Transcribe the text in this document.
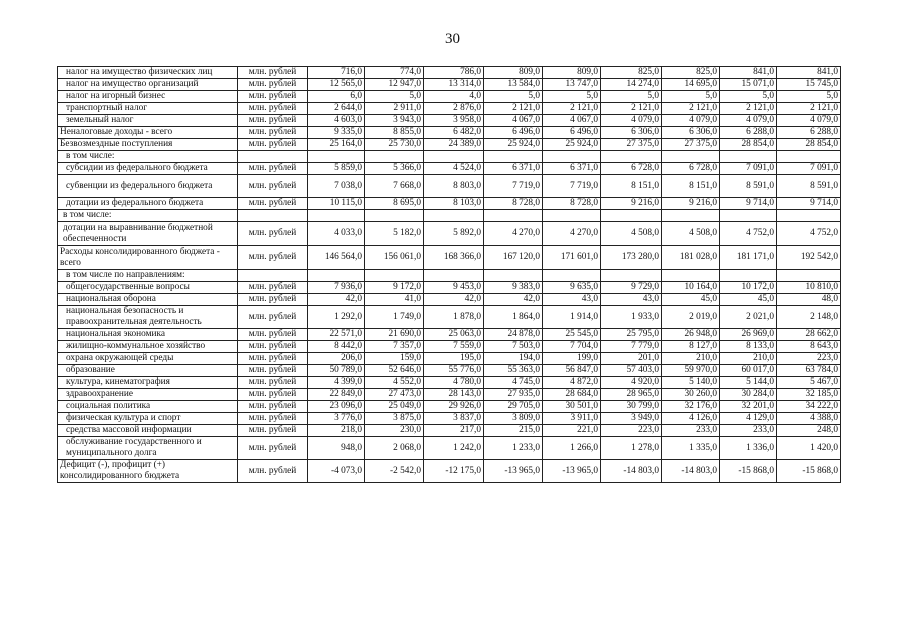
30
налог на имущество физических лиц	млн. рублей	716,0	774,0	786,0	809,0	809,0	825,0	825,0	841,0	841,0
налог на имущество организаций	млн. рублей	12 565,0	12 947,0	13 314,0	13 584,0	13 747,0	14 274,0	14 695,0	15 071,0	15 745,0
налог на игорный бизнес	млн. рублей	6,0	5,0	4,0	5,0	5,0	5,0	5,0	5,0	5,0
транспортный налог	млн. рублей	2 644,0	2 911,0	2 876,0	2 121,0	2 121,0	2 121,0	2 121,0	2 121,0	2 121,0
земельный налог	млн. рублей	4 603,0	3 943,0	3 958,0	4 067,0	4 067,0	4 079,0	4 079,0	4 079,0	4 079,0
Неналоговые доходы - всего	млн. рублей	9 335,0	8 855,0	6 482,0	6 496,0	6 496,0	6 306,0	6 306,0	6 288,0	6 288,0
Безвозмездные поступления	млн. рублей	25 164,0	25 730,0	24 389,0	25 924,0	25 924,0	27 375,0	27 375,0	28 854,0	28 854,0
в том числе:										
субсидии из федерального бюджета	млн. рублей	5 859,0	5 366,0	4 524,0	6 371,0	6 371,0	6 728,0	6 728,0	7 091,0	7 091,0
субвенции из федерального бюджета	млн. рублей	7 038,0	7 668,0	8 803,0	7 719,0	7 719,0	8 151,0	8 151,0	8 591,0	8 591,0
дотации из федерального бюджета	млн. рублей	10 115,0	8 695,0	8 103,0	8 728,0	8 728,0	9 216,0	9 216,0	9 714,0	9 714,0
в том числе:										
дотации на выравнивание бюджетной обеспеченности	млн. рублей	4 033,0	5 182,0	5 892,0	4 270,0	4 270,0	4 508,0	4 508,0	4 752,0	4 752,0
Расходы консолидированного бюджета - всего	млн. рублей	146 564,0	156 061,0	168 366,0	167 120,0	171 601,0	173 280,0	181 028,0	181 171,0	192 542,0
в том числе по направлениям:										
общегосударственные вопросы	млн. рублей	7 936,0	9 172,0	9 453,0	9 383,0	9 635,0	9 729,0	10 164,0	10 172,0	10 810,0
национальная оборона	млн. рублей	42,0	41,0	42,0	42,0	43,0	43,0	45,0	45,0	48,0
национальная безопасность и правоохранительная деятельность	млн. рублей	1 292,0	1 749,0	1 878,0	1 864,0	1 914,0	1 933,0	2 019,0	2 021,0	2 148,0
национальная экономика	млн. рублей	22 571,0	21 690,0	25 063,0	24 878,0	25 545,0	25 795,0	26 948,0	26 969,0	28 662,0
жилищно-коммунальное хозяйство	млн. рублей	8 442,0	7 357,0	7 559,0	7 503,0	7 704,0	7 779,0	8 127,0	8 133,0	8 643,0
охрана окружающей среды	млн. рублей	206,0	159,0	195,0	194,0	199,0	201,0	210,0	210,0	223,0
образование	млн. рублей	50 789,0	52 646,0	55 776,0	55 363,0	56 847,0	57 403,0	59 970,0	60 017,0	63 784,0
культура, кинематография	млн. рублей	4 399,0	4 552,0	4 780,0	4 745,0	4 872,0	4 920,0	5 140,0	5 144,0	5 467,0
здравоохранение	млн. рублей	22 849,0	27 473,0	28 143,0	27 935,0	28 684,0	28 965,0	30 260,0	30 284,0	32 185,0
социальная политика	млн. рублей	23 096,0	25 049,0	29 926,0	29 705,0	30 501,0	30 799,0	32 176,0	32 201,0	34 222,0
физическая культура и спорт	млн. рублей	3 776,0	3 875,0	3 837,0	3 809,0	3 911,0	3 949,0	4 126,0	4 129,0	4 388,0
средства массовой информации	млн. рублей	218,0	230,0	217,0	215,0	221,0	223,0	233,0	233,0	248,0
обслуживание государственного и муниципального долга	млн. рублей	948,0	2 068,0	1 242,0	1 233,0	1 266,0	1 278,0	1 335,0	1 336,0	1 420,0
Дефицит (-), профицит (+) консолидированного бюджета	млн. рублей	-4 073,0	-2 542,0	-12 175,0	-13 965,0	-13 965,0	-14 803,0	-14 803,0	-15 868,0	-15 868,0
